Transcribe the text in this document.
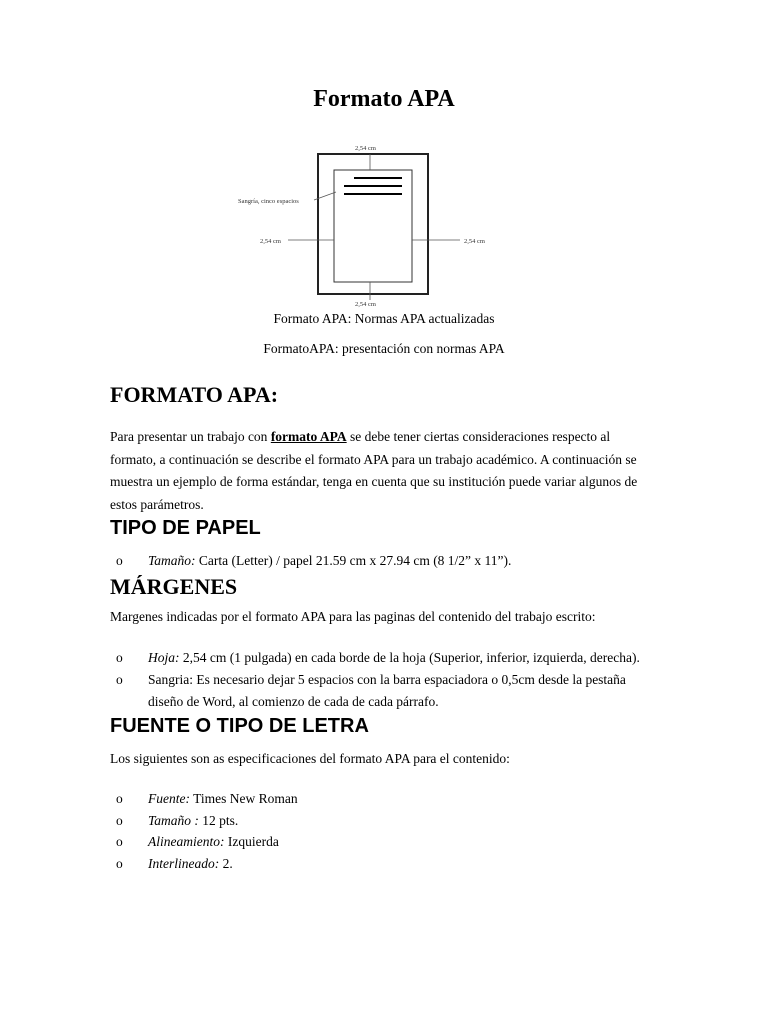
Formato APA
2,54 cm
Sangría, cinco espacios
2,54 cm	2,54 cm
2,54 cm

Formato APA: Normas APA actualizadas

FormatoAPA: presentación con normas APA

FORMATO APA:

Para presentar un trabajo con formato APA se debe tener ciertas consideraciones respecto al formato, a continuación se describe el formato APA para un trabajo académico. A continuación se muestra un ejemplo de forma estándar, tenga en cuenta que su institución puede variar algunos de estos parámetros.

TIPO DE PAPEL
o Tamaño: Carta (Letter) / papel 21.59 cm x 27.94 cm (8 1/2” x 11”).
MÁRGENES

Margenes indicadas por el formato APA para las paginas del contenido del trabajo escrito:

o Hoja: 2,54 cm (1 pulgada) en cada borde de la hoja (Superior, inferior, izquierda, derecha).
o Sangria: Es necesario dejar 5 espacios con la barra espaciadora o 0,5cm desde la pestaña diseño de Word, al comienzo de cada de cada párrafo.
FUENTE O TIPO DE LETRA

Los siguientes son as especificaciones del formato APA para el contenido:

o Fuente: Times New Roman
o Tamaño : 12 pts.
o Alineamiento: Izquierda
o Interlineado: 2.
